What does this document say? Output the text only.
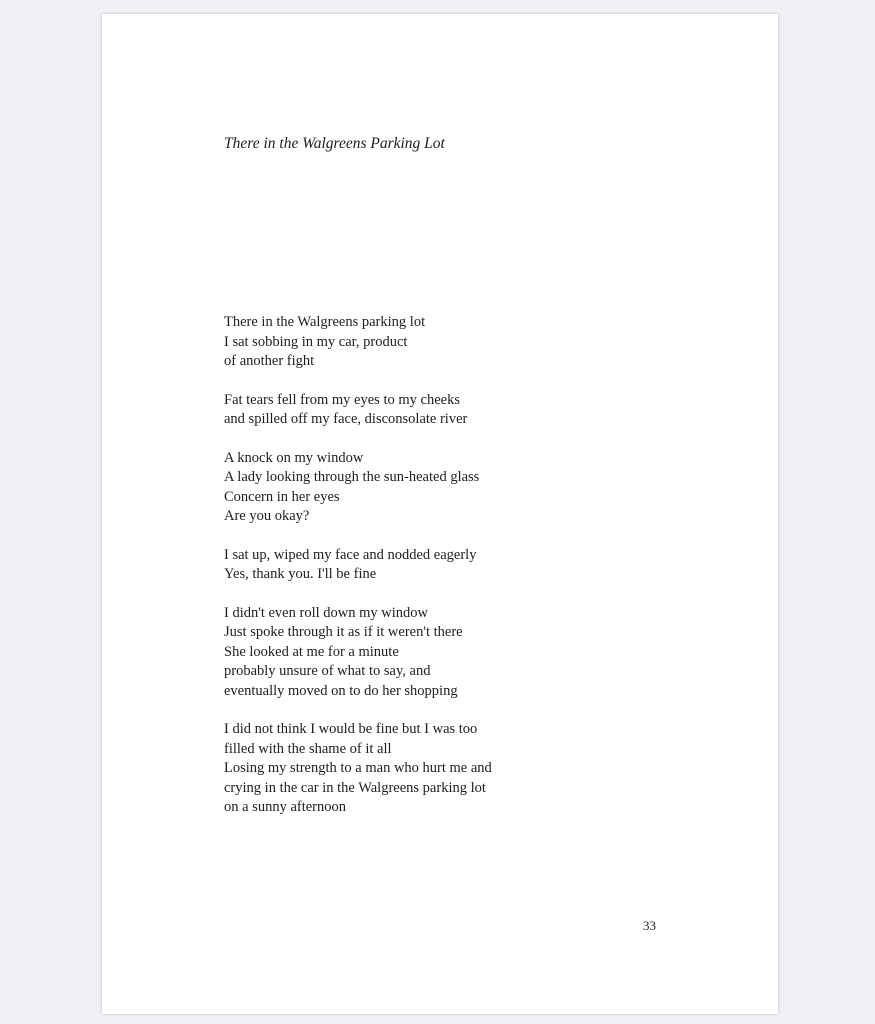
There in the Walgreens Parking Lot

There in the Walgreens parking lot
I sat sobbing in my car, product
of another fight

Fat tears fell from my eyes to my cheeks
and spilled off my face, disconsolate river

A knock on my window
A lady looking through the sun-heated glass
Concern in her eyes
Are you okay?

I sat up, wiped my face and nodded eagerly
Yes, thank you. I'll be fine

I didn't even roll down my window
Just spoke through it as if it weren't there
She looked at me for a minute
probably unsure of what to say, and
eventually moved on to do her shopping

I did not think I would be fine but I was too
filled with the shame of it all
Losing my strength to a man who hurt me and
crying in the car in the Walgreens parking lot
on a sunny afternoon

33
